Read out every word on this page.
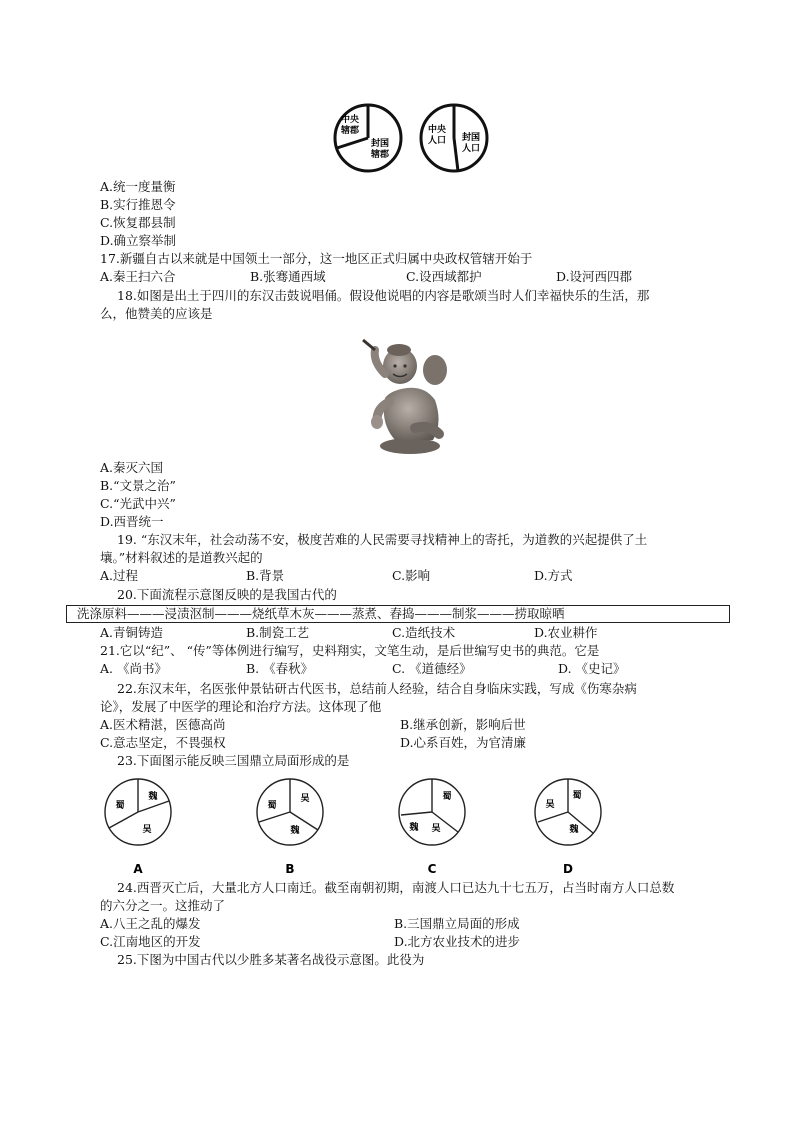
中央
辖郡
封国
辖郡
中央
人口 封国
人口
A.统一度量衡
B.实行推恩令
C.恢复郡县制
D.确立察举制
17.新疆自古以来就是中国领土一部分，这一地区正式归属中央政权管辖开始于
A.秦王扫六合	B.张骞通西域	C.设西域都护	D.设河西四郡
18.如图是出土于四川的东汉击鼓说唱俑。假设他说唱的内容是歌颂当时人们幸福快乐的生活，那
么，他赞美的应该是
A.秦灭六国
B.“文景之治”
C.“光武中兴”
D.西晋统一
19. “东汉末年，社会动荡不安，极度苦难的人民需要寻找精神上的寄托，为道教的兴起提供了土
壤。”材料叙述的是道教兴起的
A.过程	B.背景	C.影响	D.方式
20.下面流程示意图反映的是我国古代的
洗涤原料———浸渍沤制———烧纸草木灰———蒸煮、舂捣———制浆———捞取晾晒
A.青铜铸造	B.制瓷工艺	C.造纸技术	D.农业耕作
21.它以“纪”、 “传”等体例进行编写，史料翔实，文笔生动，是后世编写史书的典范。它是
A. 《尚书》	B. 《春秋》	C. 《道德经》	D. 《史记》
22.东汉末年，名医张仲景钻研古代医书，总结前人经验，结合自身临床实践，写成《伤寒杂病
论》，发展了中医学的理论和治疗方法。这体现了他
A.医术精湛，医德高尚	B.继承创新，影响后世
C.意志坚定，不畏强权	D.心系百姓，为官清廉
23.下面图示能反映三国鼎立局面形成的是
魏
蜀
吴
A
吴
蜀
魏
B
蜀
魏 吴
C
蜀
吴
魏
D
24.西晋灭亡后，大量北方人口南迁。截至南朝初期，南渡人口已达九十七五万，占当时南方人口总数
的六分之一。这推动了
A.八王之乱的爆发	B.三国鼎立局面的形成
C.江南地区的开发	D.北方农业技术的进步
25.下图为中国古代以少胜多某著名战役示意图。此役为
